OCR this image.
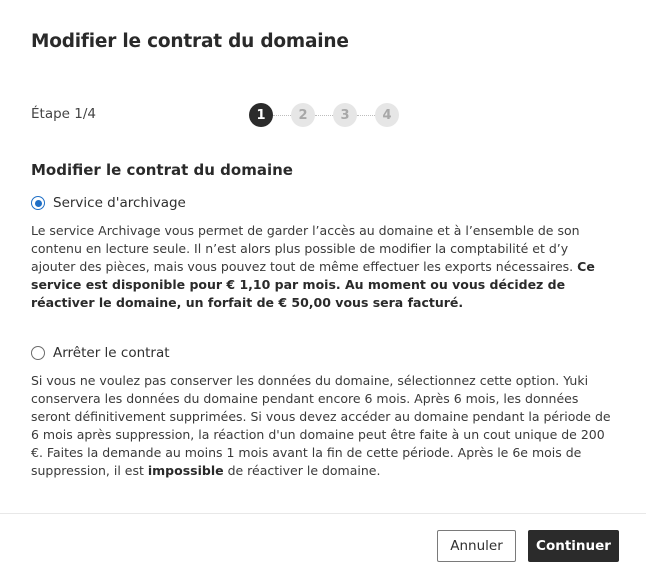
Modifier le contrat du domaine
Étape 1/4	1	2	3	4
Modifier le contrat du domaine
Service d'archivage
Le service Archivage vous permet de garder l’accès au domaine et à l’ensemble de son contenu en lecture seule. Il n’est alors plus possible de modifier la comptabilité et d’y ajouter des pièces, mais vous pouvez tout de même effectuer les exports nécessaires. Ce service est disponible pour € 1,10 par mois. Au moment ou vous décidez de réactiver le domaine, un forfait de € 50,00 vous sera facturé.
Arrêter le contrat
Si vous ne voulez pas conserver les données du domaine, sélectionnez cette option. Yuki conservera les données du domaine pendant encore 6 mois. Après 6 mois, les données seront définitivement supprimées. Si vous devez accéder au domaine pendant la période de 6 mois après suppression, la réaction d'un domaine peut être faite à un cout unique de 200 €. Faites la demande au moins 1 mois avant la fin de cette période. Après le 6e mois de suppression, il est impossible de réactiver le domaine.
Annuler	Continuer
